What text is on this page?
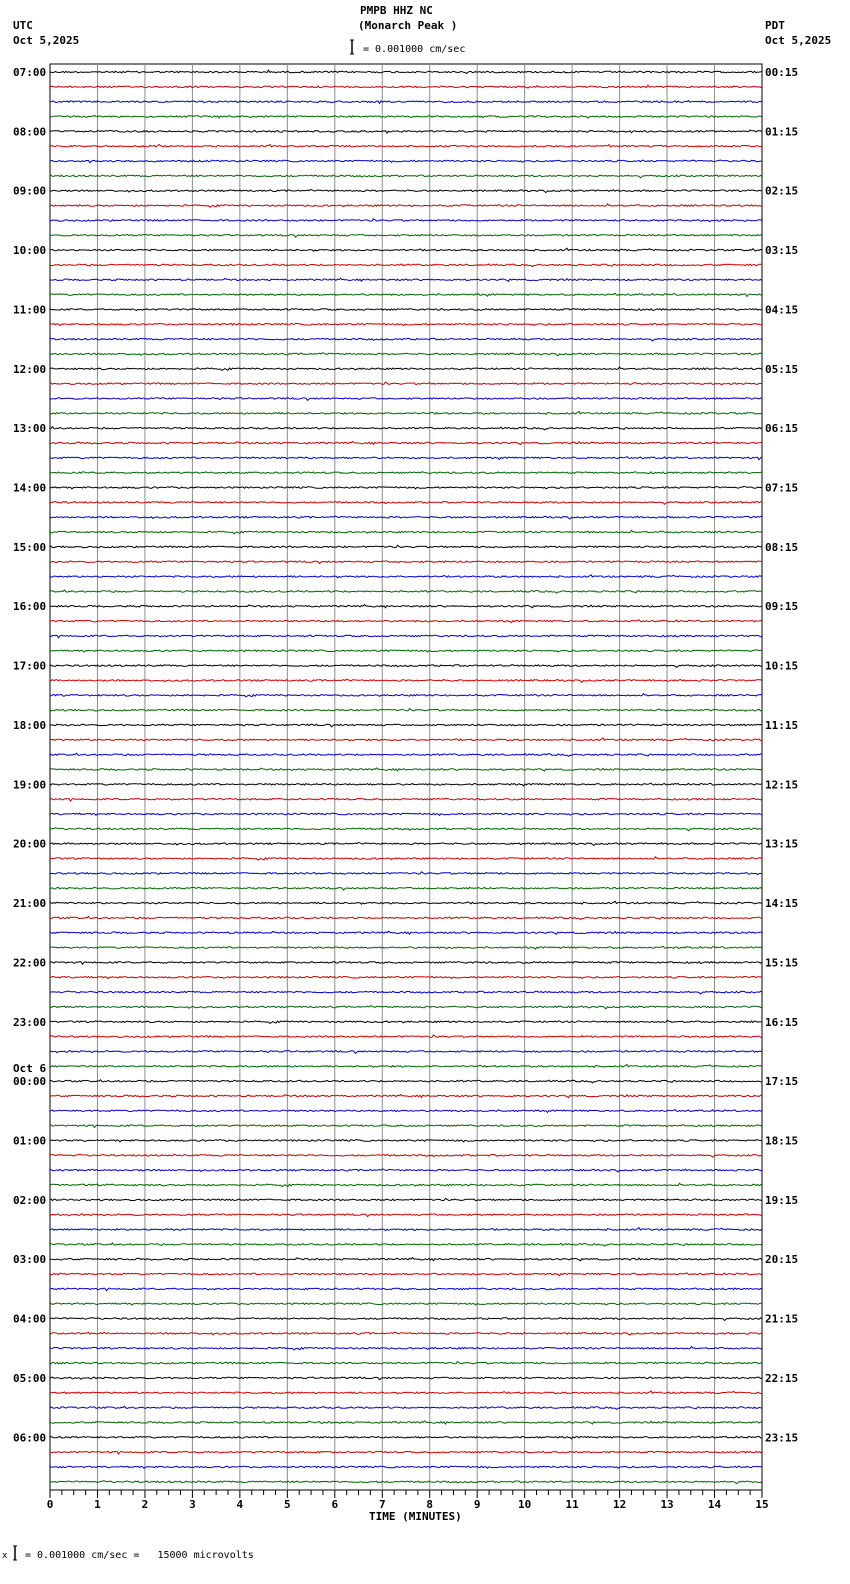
0	1	2	3	4	5	6	7	8	9	10	11	12	13	14	15
07:00
08:00
09:00
10:00
11:00
12:00
13:00
14:00
15:00
16:00
17:00
18:00
19:00
20:00
21:00
22:00
23:00
00:00
01:00
02:00
03:00
04:00
05:00
06:00
Oct 6
00:15
01:15
02:15
03:15
04:15
05:15
06:15
07:15
08:15
09:15
10:15
11:15
12:15
13:15
14:15
15:15
16:15
17:15
18:15
19:15
20:15
21:15
22:15
23:15
PMPB HHZ NC
(Monarch Peak )
UTC
Oct 5,2025
PDT
Oct 5,2025
= 0.001000 cm/sec
TIME (MINUTES)
x = 0.001000 cm/sec =   15000 microvolts
